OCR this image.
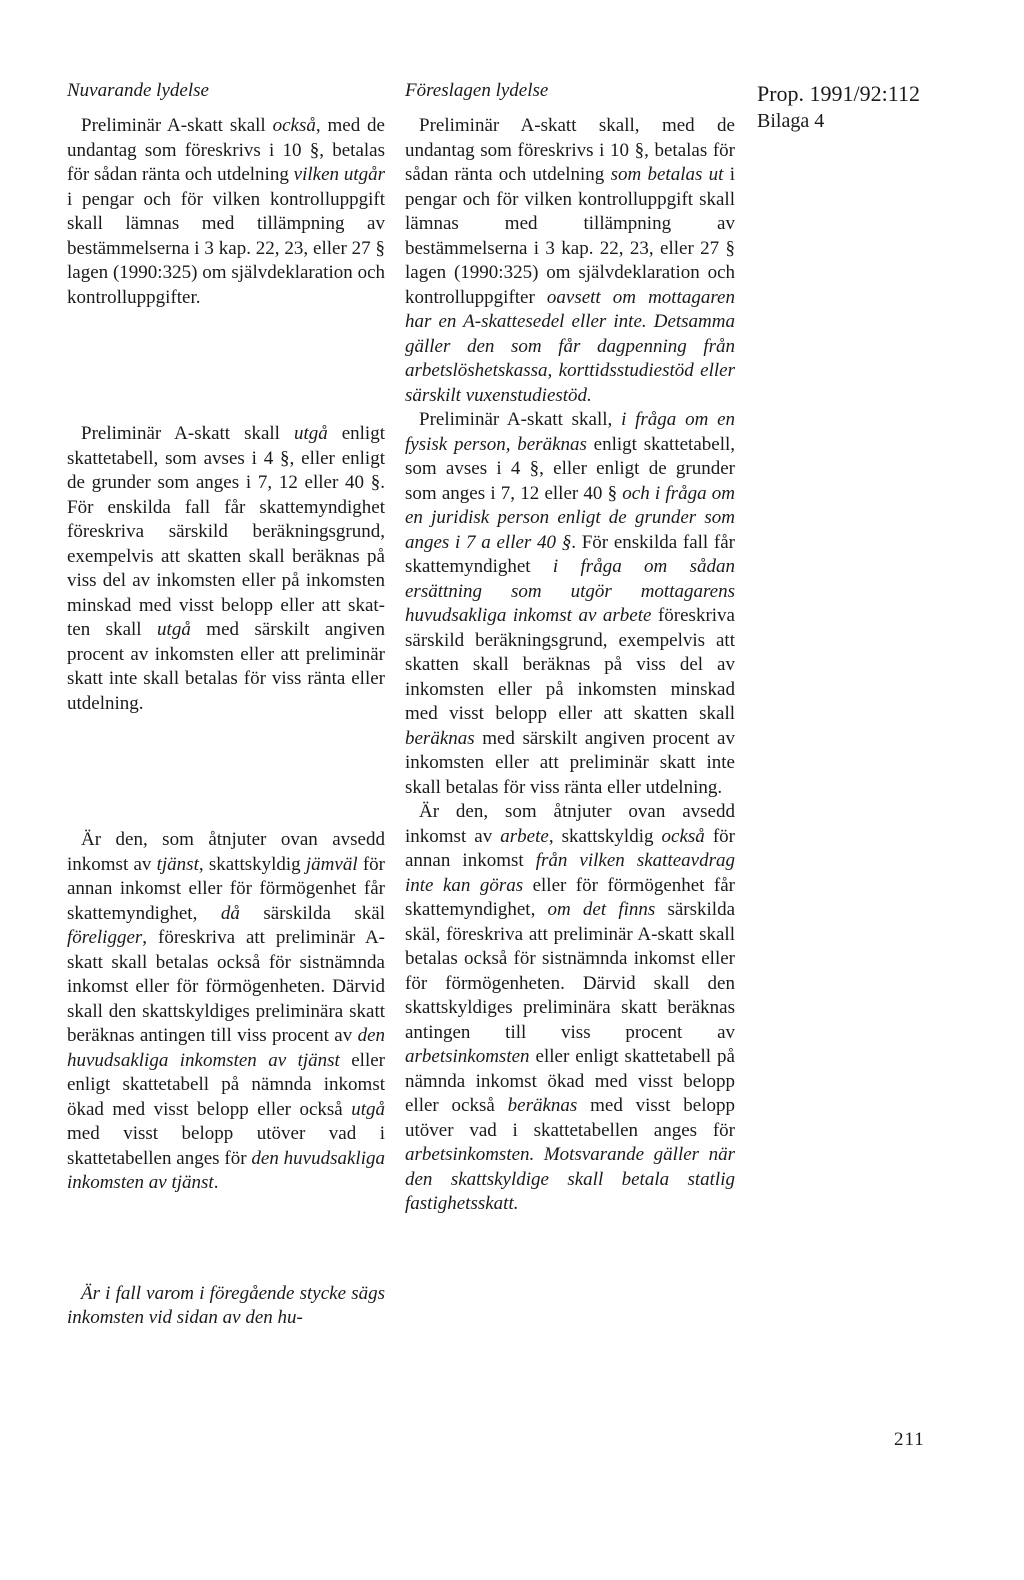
Nuvarande lydelse

Preliminär A-skatt skall också, med de undantag som föreskrivs i 10 §, betalas för sådan ränta och utdelning vilken utgår i pengar och för vilken kontrolluppgift skall lämnas med tillämpning av bestämmelserna i 3 kap. 22, 23, eller 27 § lagen (1990:325) om självdeklaration och kontrolluppgifter.

Preliminär A-skatt skall utgå enligt skattetabell, som avses i 4 §, eller enligt de grunder som anges i 7, 12 eller 40 §. För enskilda fall får skattemyndighet föreskriva särskild beräkningsgrund, exempelvis att skatten skall beräknas på viss del av inkomsten eller på inkomsten minskad med visst belopp eller att skatten skall utgå med särskilt angiven procent av inkomsten eller att preliminär skatt inte skall betalas för viss ränta eller utdelning.

Är den, som åtnjuter ovan avsedd inkomst av tjänst, skattskyldig jämväl för annan inkomst eller för förmögenhet får skattemyndighet, då särskilda skäl föreligger, föreskriva att preliminär A-skatt skall betalas också för sistnämnda inkomst eller för förmögenheten. Därvid skall den skattskyldiges preliminära skatt beräknas antingen till viss procent av den huvudsakliga inkomsten av tjänst eller enligt skattetabell på nämnda inkomst ökad med visst belopp eller också utgå med visst belopp utöver vad i skattetabellen anges för den huvudsakliga inkomsten av tjänst.

Är i fall varom i föregående stycke sägs inkomsten vid sidan av den hu-

Föreslagen lydelse

Preliminär A-skatt skall, med de undantag som föreskrivs i 10 §, betalas för sådan ränta och utdelning som betalas ut i pengar och för vilken kontrolluppgift skall lämnas med tillämpning av bestämmelserna i 3 kap. 22, 23, eller 27 § lagen (1990:325) om självdeklaration och kontrolluppgifter oavsett om mottagaren har en A-skattesedel eller inte. Detsamma gäller den som får dagpenning från arbetslöshetskassa, korttidsstudiestöd eller särskilt vuxenstudiestöd.

Preliminär A-skatt skall, i fråga om en fysisk person, beräknas enligt skattetabell, som avses i 4 §, eller enligt de grunder som anges i 7, 12 eller 40 § och i fråga om en juridisk person enligt de grunder som anges i 7 a eller 40 §. För enskilda fall får skattemyndighet i fråga om sådan ersättning som utgör mottagarens huvudsakliga inkomst av arbete föreskriva särskild beräkningsgrund, exempelvis att skatten skall beräknas på viss del av inkomsten eller på inkomsten minskad med visst belopp eller att skatten skall beräknas med särskilt angiven procent av inkomsten eller att preliminär skatt inte skall betalas för viss ränta eller utdelning.

Är den, som åtnjuter ovan avsedd inkomst av arbete, skattskyldig också för annan inkomst från vilken skatteavdrag inte kan göras eller för förmögenhet får skattemyndighet, om det finns särskilda skäl, föreskriva att preliminär A-skatt skall betalas också för sistnämnda inkomst eller för förmögenheten. Därvid skall den skattskyldiges preliminära skatt beräknas antingen till viss procent av arbetsinkomsten eller enligt skattetabell på nämnda inkomst ökad med visst belopp eller också beräknas med visst belopp utöver vad i skattetabellen anges för arbetsinkomsten. Motsvarande gäller när den skattskyldige skall betala statlig fastighetsskatt.

Prop. 1991/92:112

Bilaga 4

211
